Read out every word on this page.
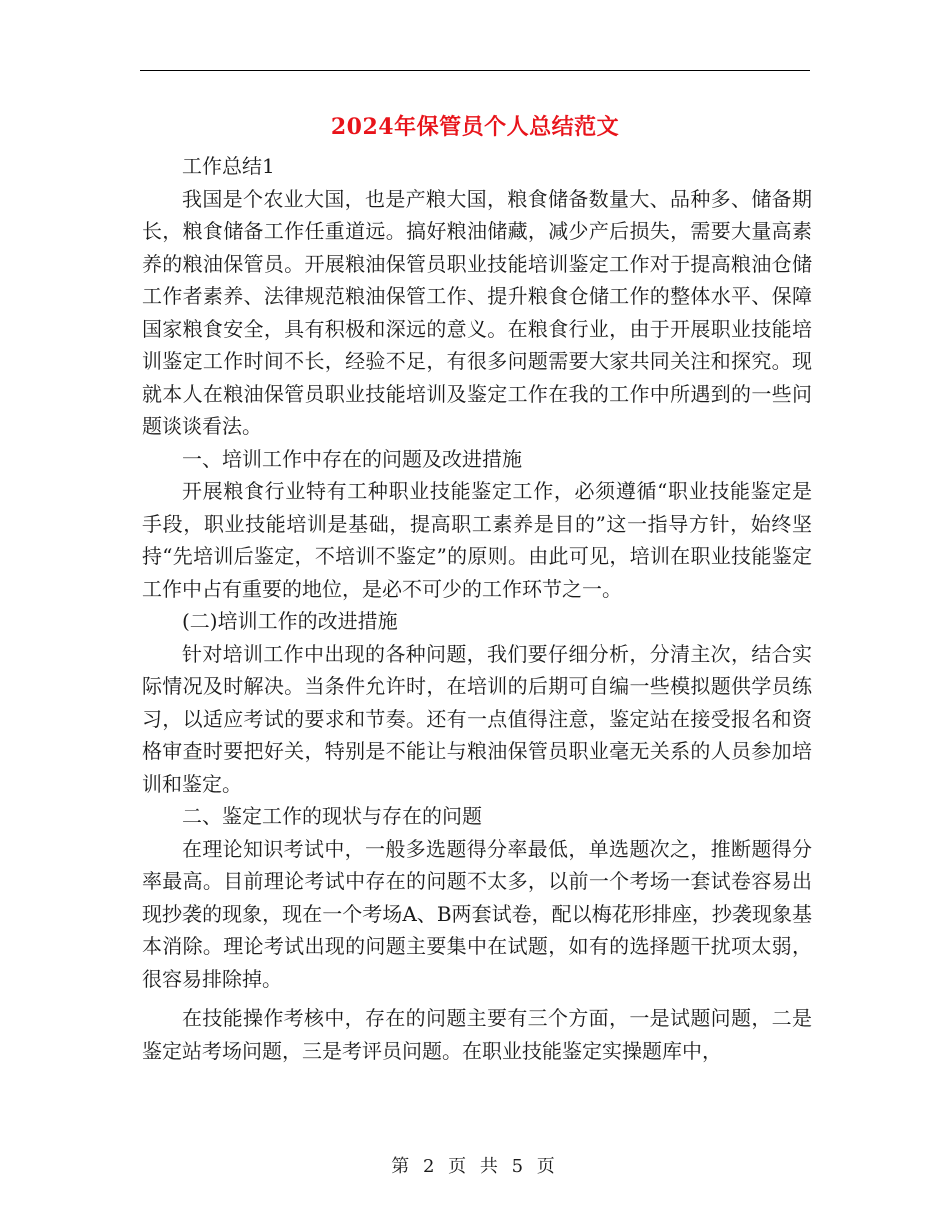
2024年保管员个人总结范文

工作总结1

我国是个农业大国，也是产粮大国，粮食储备数量大、品种多、储备期长，粮食储备工作任重道远。搞好粮油储藏，减少产后损失，需要大量高素养的粮油保管员。开展粮油保管员职业技能培训鉴定工作对于提高粮油仓储工作者素养、法律规范粮油保管工作、提升粮食仓储工作的整体水平、保障国家粮食安全，具有积极和深远的意义。在粮食行业，由于开展职业技能培训鉴定工作时间不长，经验不足，有很多问题需要大家共同关注和探究。现就本人在粮油保管员职业技能培训及鉴定工作在我的工作中所遇到的一些问题谈谈看法。

一、培训工作中存在的问题及改进措施

开展粮食行业特有工种职业技能鉴定工作，必须遵循“职业技能鉴定是手段，职业技能培训是基础，提高职工素养是目的”这一指导方针，始终坚持“先培训后鉴定，不培训不鉴定”的原则。由此可见，培训在职业技能鉴定工作中占有重要的地位，是必不可少的工作环节之一。

(二)培训工作的改进措施

针对培训工作中出现的各种问题，我们要仔细分析，分清主次，结合实际情况及时解决。当条件允许时，在培训的后期可自编一些模拟题供学员练习，以适应考试的要求和节奏。还有一点值得注意，鉴定站在接受报名和资格审查时要把好关，特别是不能让与粮油保管员职业毫无关系的人员参加培训和鉴定。

二、鉴定工作的现状与存在的问题

在理论知识考试中，一般多选题得分率最低，单选题次之，推断题得分率最高。目前理论考试中存在的问题不太多，以前一个考场一套试卷容易出现抄袭的现象，现在一个考场A、B两套试卷，配以梅花形排座，抄袭现象基本消除。理论考试出现的问题主要集中在试题，如有的选择题干扰项太弱，很容易排除掉。

在技能操作考核中，存在的问题主要有三个方面，一是试题问题，二是鉴定站考场问题，三是考评员问题。在职业技能鉴定实操题库中，

第 2 页 共 5 页
